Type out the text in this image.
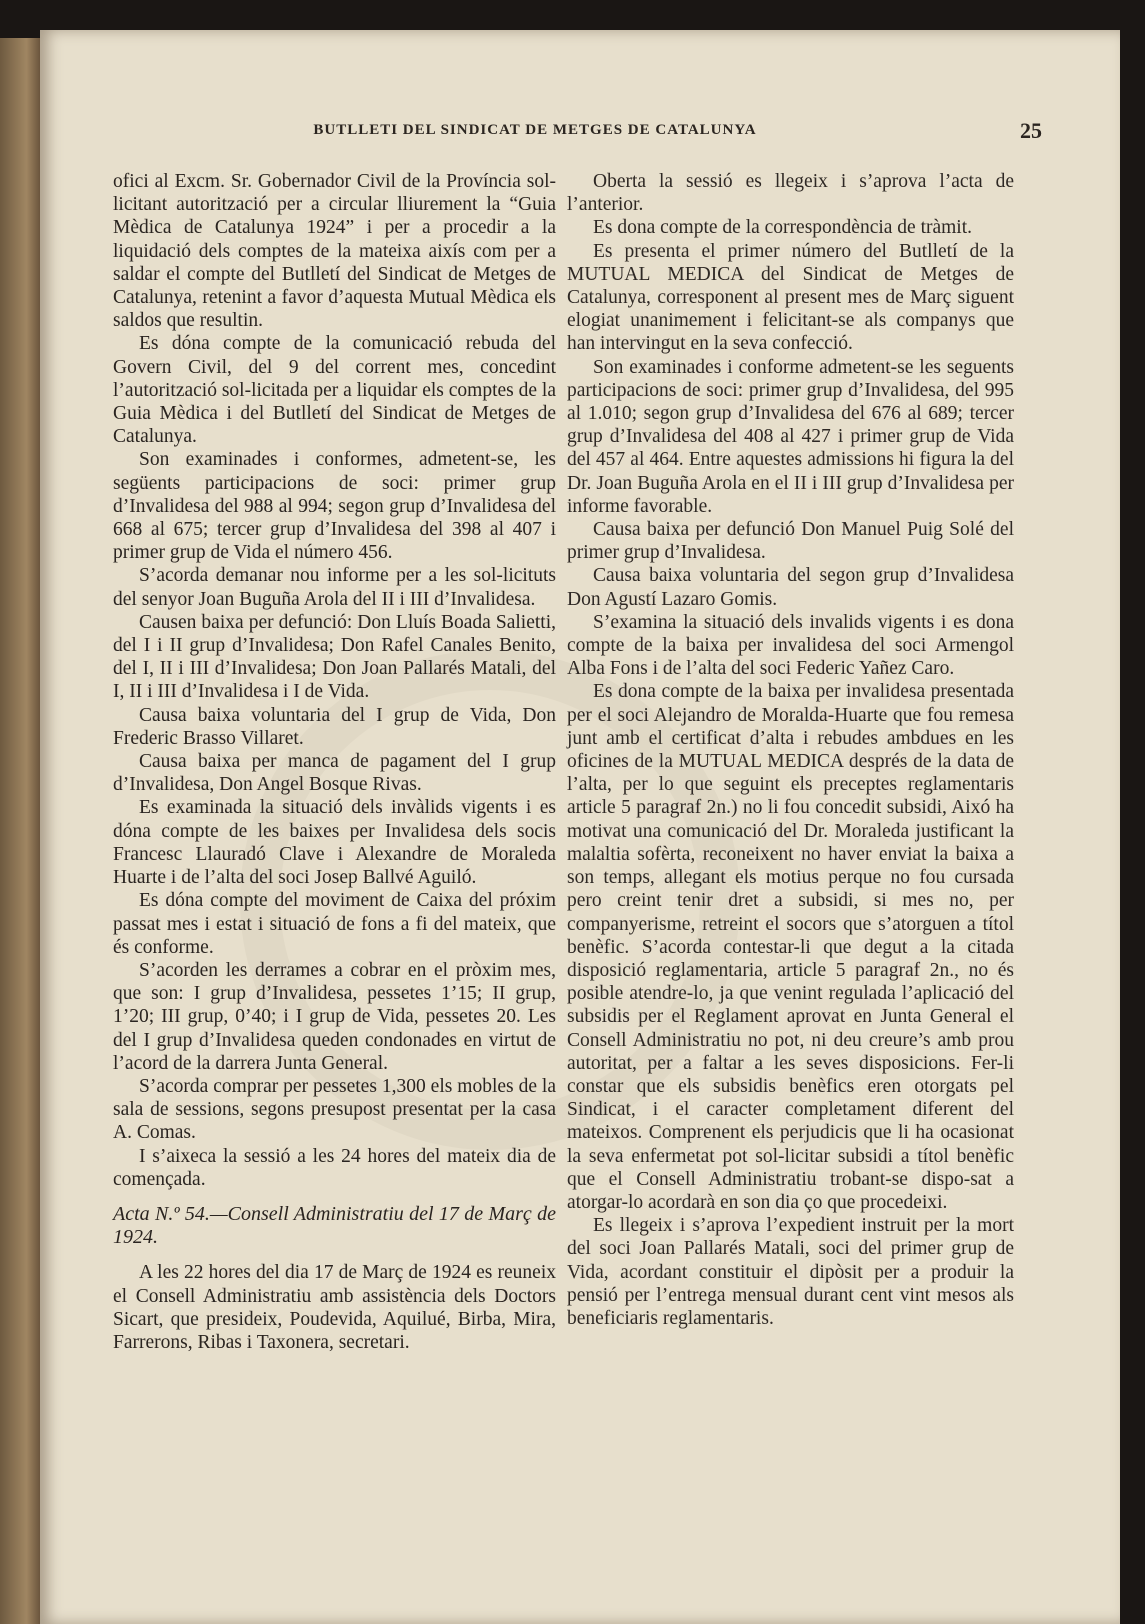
BUTLLETI DEL SINDICAT DE METGES DE CATALUNYA	25

ofici al Excm. Sr. Gobernador Civil de la Província sol-licitant autorització per a circular lliurement la “Guia Mèdica de Catalunya 1924” i per a procedir a la liquidació dels comptes de la mateixa aixís com per a saldar el compte del Butlletí del Sindicat de Metges de Catalunya, retenint a favor d’aquesta Mutual Mèdica els saldos que resultin.

Es dóna compte de la comunicació rebuda del Govern Civil, del 9 del corrent mes, concedint l’autorització sol-licitada per a liquidar els comptes de la Guia Mèdica i del Butlletí del Sindicat de Metges de Catalunya.

Son examinades i conformes, admetent-se, les següents participacions de soci: primer grup d’Invalidesa del 988 al 994; segon grup d’Invalidesa del 668 al 675; tercer grup d’Invalidesa del 398 al 407 i primer grup de Vida el número 456.

S’acorda demanar nou informe per a les sol-licituts del senyor Joan Buguña Arola del II i III d’Invalidesa.

Causen baixa per defunció: Don Lluís Boada Salietti, del I i II grup d’Invalidesa; Don Rafel Canales Benito, del I, II i III d’Invalidesa; Don Joan Pallarés Matali, del I, II i III d’Invalidesa i I de Vida.

Causa baixa voluntaria del I grup de Vida, Don Frederic Brasso Villaret.

Causa baixa per manca de pagament del I grup d’Invalidesa, Don Angel Bosque Rivas.

Es examinada la situació dels invàlids vigents i es dóna compte de les baixes per Invalidesa dels socis Francesc Llauradó Clave i Alexandre de Moraleda Huarte i de l’alta del soci Josep Ballvé Aguiló.

Es dóna compte del moviment de Caixa del próxim passat mes i estat i situació de fons a fi del mateix, que és conforme.

S’acorden les derrames a cobrar en el pròxim mes, que son: I grup d’Invalidesa, pessetes 1’15; II grup, 1’20; III grup, 0’40; i I grup de Vida, pessetes 20. Les del I grup d’Invalidesa queden condonades en virtut de l’acord de la darrera Junta General.

S’acorda comprar per pessetes 1,300 els mobles de la sala de sessions, segons presupost presentat per la casa A. Comas.

I s’aixeca la sessió a les 24 hores del mateix dia de començada.

Acta N.º 54.—Consell Administratiu del 17 de Març de 1924.

A les 22 hores del dia 17 de Març de 1924 es reuneix el Consell Administratiu amb assistència dels Doctors Sicart, que presideix, Poudevida, Aquilué, Birba, Mira, Farrerons, Ribas i Taxonera, secretari.

Oberta la sessió es llegeix i s’aprova l’acta de l’anterior.

Es dona compte de la correspondència de tràmit.

Es presenta el primer número del Butlletí de la MUTUAL MEDICA del Sindicat de Metges de Catalunya, corresponent al present mes de Març siguent elogiat unanimement i felicitant-se als companys que han intervingut en la seva confecció.

Son examinades i conforme admetent-se les seguents participacions de soci: primer grup d’Invalidesa, del 995 al 1.010; segon grup d’Invalidesa del 676 al 689; tercer grup d’Invalidesa del 408 al 427 i primer grup de Vida del 457 al 464. Entre aquestes admissions hi figura la del Dr. Joan Buguña Arola en el II i III grup d’Invalidesa per informe favorable.

Causa baixa per defunció Don Manuel Puig Solé del primer grup d’Invalidesa.

Causa baixa voluntaria del segon grup d’Invalidesa Don Agustí Lazaro Gomis.

S’examina la situació dels invalids vigents i es dona compte de la baixa per invalidesa del soci Armengol Alba Fons i de l’alta del soci Federic Yañez Caro.

Es dona compte de la baixa per invalidesa presentada per el soci Alejandro de Moralda-Huarte que fou remesa junt amb el certificat d’alta i rebudes ambdues en les oficines de la MUTUAL MEDICA després de la data de l’alta, per lo que seguint els preceptes reglamentaris article 5 paragraf 2n.) no li fou concedit subsidi, Aixó ha motivat una comunicació del Dr. Moraleda justificant la malaltia sofèrta, reconeixent no haver enviat la baixa a son temps, allegant els motius perque no fou cursada pero creint tenir dret a subsidi, si mes no, per companyerisme, retreint el socors que s’atorguen a títol benèfic. S’acorda contestar-li que degut a la citada disposició reglamentaria, article 5 paragraf 2n., no és posible atendre-lo, ja que venint regulada l’aplicació del subsidis per el Reglament aprovat en Junta General el Consell Administratiu no pot, ni deu creure’s amb prou autoritat, per a faltar a les seves disposicions. Fer-li constar que els subsidis benèfics eren otorgats pel Sindicat, i el caracter completament diferent del mateixos. Comprenent els perjudicis que li ha ocasionat la seva enfermetat pot sol-licitar subsidi a títol benèfic que el Consell Administratiu trobant-se dispo-sat a atorgar-lo acordarà en son dia ço que procedeixi.

Es llegeix i s’aprova l’expedient instruit per la mort del soci Joan Pallarés Matali, soci del primer grup de Vida, acordant constituir el dipòsit per a produir la pensió per l’entrega mensual durant cent vint mesos als beneficiaris reglamentaris.
